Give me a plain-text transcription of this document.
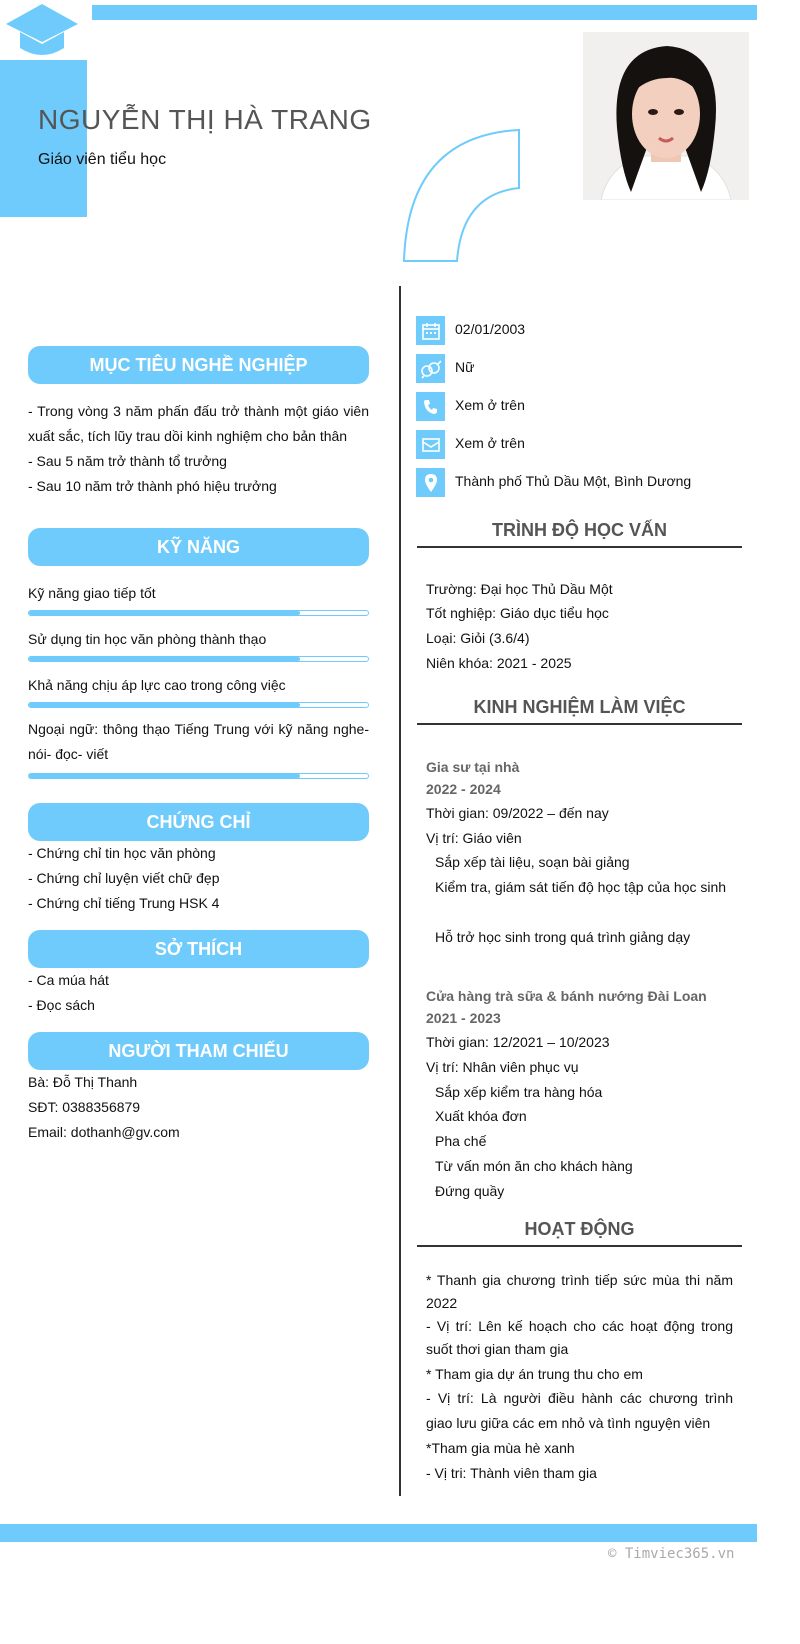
NGUYỄN THỊ HÀ TRANG
Giáo viên tiểu học
MỤC TIÊU NGHỀ NGHIỆP
- Trong vòng 3 năm phấn đấu trở thành một giáo viên xuất sắc, tích lũy trau dồi kinh nghiệm cho bản thân
- Sau 5 năm trở thành tổ trưởng
- Sau 10 năm trở thành phó hiệu trưởng
KỸ NĂNG
Kỹ năng giao tiếp tốt
Sử dụng tin học văn phòng thành thạo
Khả năng chịu áp lực cao trong công việc
Ngoại ngữ: thông thạo Tiếng Trung với kỹ năng nghe- nói- đọc- viết
CHỨNG CHỈ
- Chứng chỉ tin học văn phòng
- Chứng chỉ luyện viết chữ đẹp
- Chứng chỉ tiếng Trung HSK 4
SỞ THÍCH
- Ca múa hát
- Đọc sách
NGƯỜI THAM CHIẾU
Bà: Đỗ Thị Thanh
SĐT: 0388356879
Email: dothanh@gv.com
02/01/2003
Nữ
Xem ở trên
Xem ở trên
Thành phố Thủ Dầu Một, Bình Dương
TRÌNH ĐỘ HỌC VẤN
Trường: Đại học Thủ Dầu Một
Tốt nghiệp: Giáo dục tiểu học
Loại: Giỏi (3.6/4)
Niên khóa: 2021 - 2025
KINH NGHIỆM LÀM VIỆC
Gia sư tại nhà
2022 - 2024
Thời gian: 09/2022 – đến nay
Vị trí: Giáo viên
Sắp xếp tài liệu, soạn bài giảng
Kiểm tra, giám sát tiến độ học tập của học sinh
Hỗ trở học sinh trong quá trình giảng dạy
Cửa hàng trà sữa & bánh nướng Đài Loan
2021 - 2023
Thời gian: 12/2021 – 10/2023
Vị trí: Nhân viên phục vụ
Sắp xếp kiểm tra hàng hóa
Xuất khóa đơn
Pha chế
Từ vấn món ăn cho khách hàng
Đứng quầy
HOẠT ĐỘNG
* Thanh gia chương trình tiếp sức mùa thi năm 2022
- Vị trí: Lên kế hoạch cho các hoạt động trong suốt thơi gian tham gia
* Tham gia dự án trung thu cho em
- Vị trí: Là người điều hành các chương trình giao lưu giữa các em nhỏ và tình nguyện viên
*Tham gia mùa hè xanh
- Vị tri: Thành viên tham gia
© Timviec365.vn
